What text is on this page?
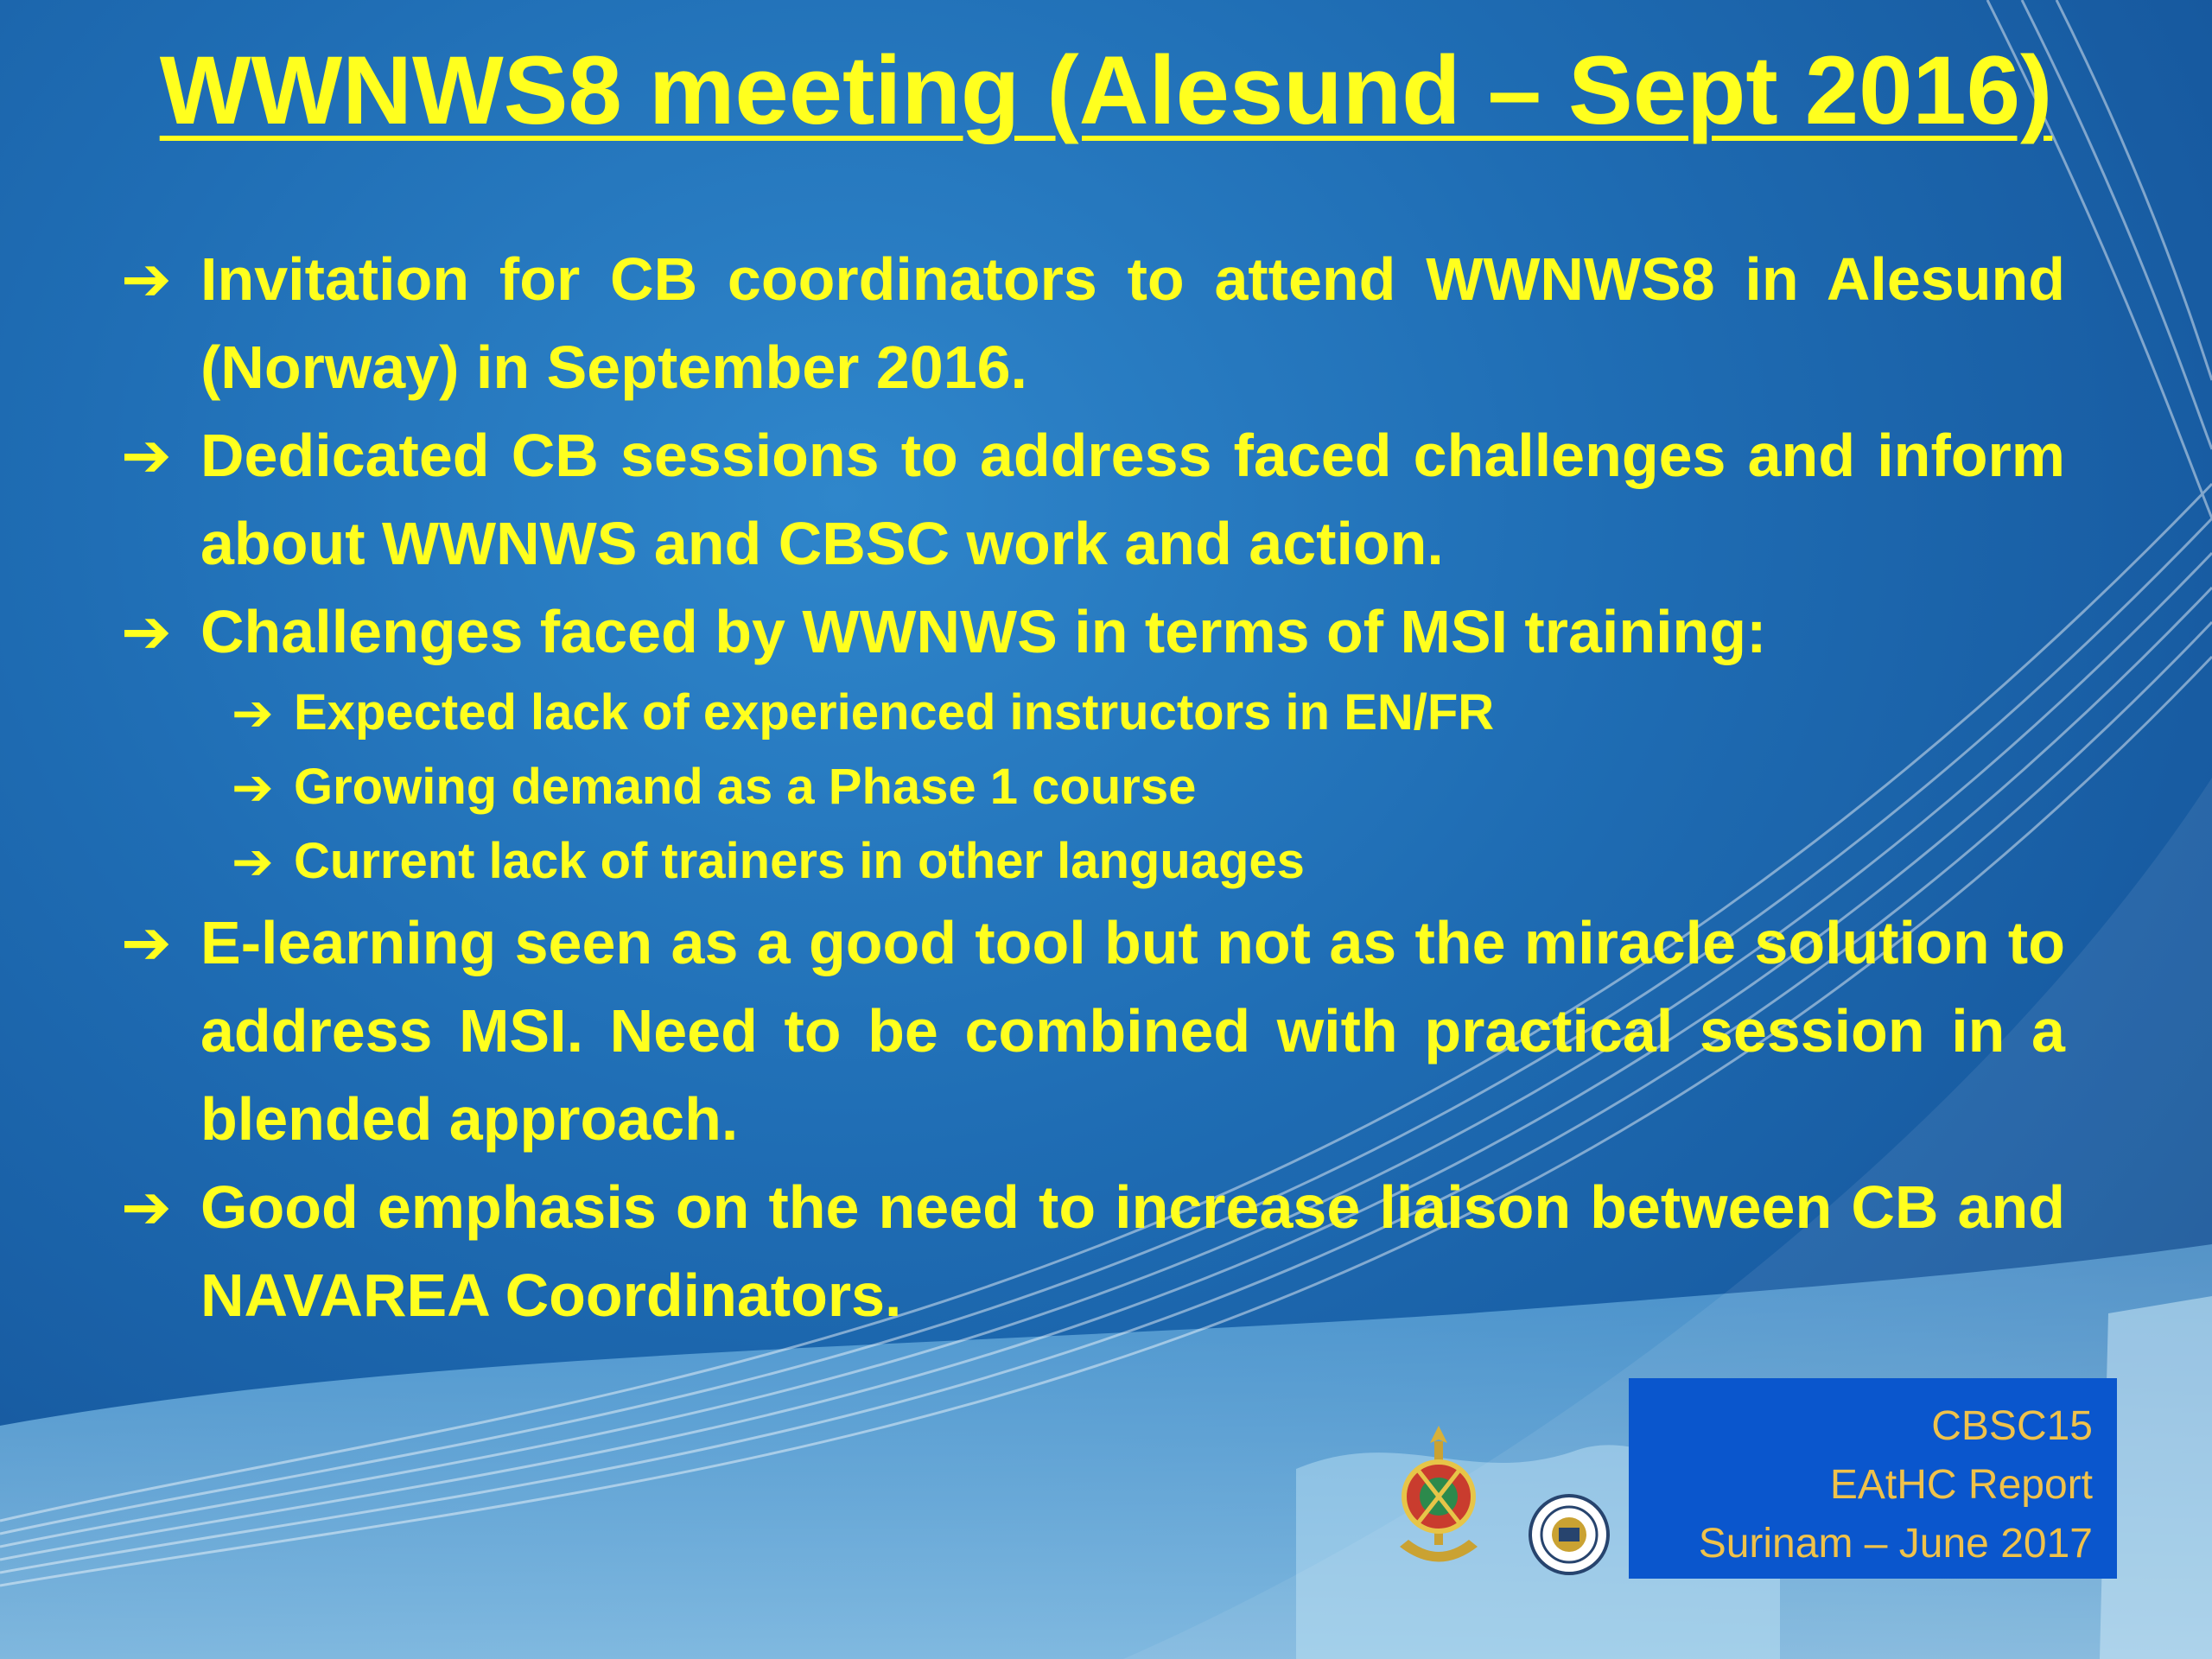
WWNWS8 meeting (Alesund – Sept 2016)
➔ Invitation for CB coordinators to attend WWNWS8 in Alesund (Norway) in September 2016.
➔ Dedicated CB sessions to address faced challenges and inform about WWNWS and CBSC work and action.
➔ Challenges faced by WWNWS in terms of MSI training:
➔ Expected lack of experienced instructors in EN/FR
➔ Growing demand as a Phase 1 course
➔ Current lack of trainers in other languages
➔ E-learning seen as a good tool but not as the miracle solution to address MSI. Need to be combined with practical session in a blended approach.
➔ Good emphasis on the need to increase liaison between CB and NAVAREA Coordinators.
CBSC15
EAtHC Report
Surinam – June 2017
